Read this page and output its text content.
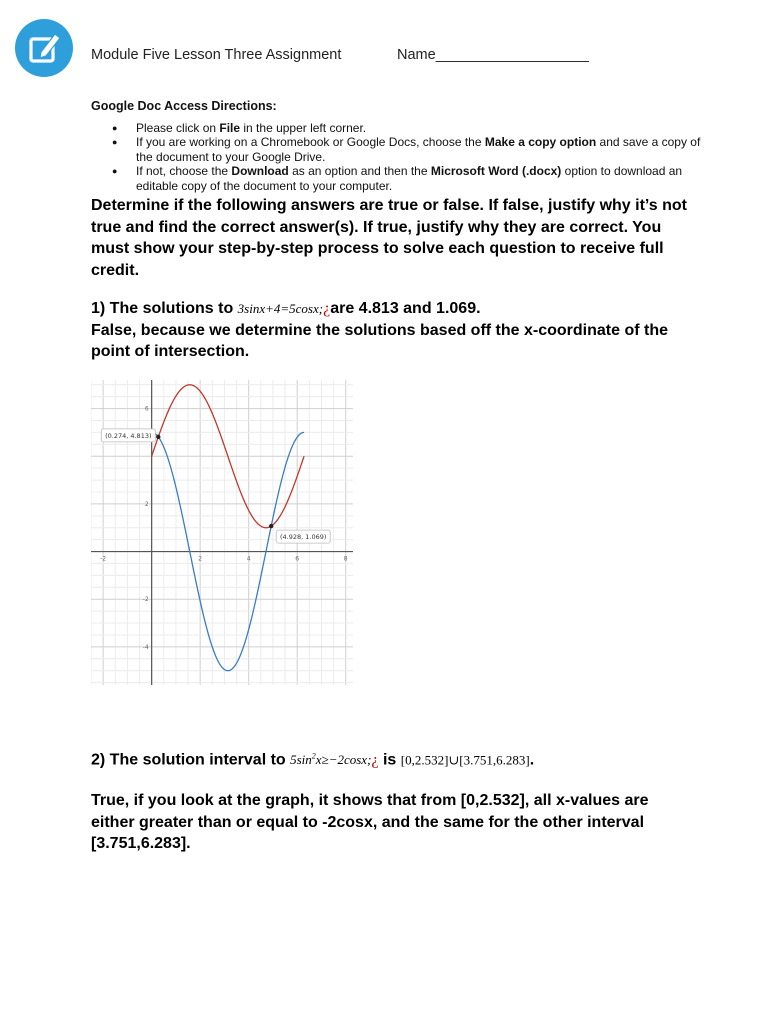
Module Five Lesson Three Assignment	Name___________________
Google Doc Access Directions:
● Please click on File in the upper left corner.
● If you are working on a Chromebook or Google Docs, choose the Make a copy option and save a copy of the document to your Google Drive.
● If not, choose the Download as an option and then the Microsoft Word (.docx) option to download an editable copy of the document to your computer.
Determine if the following answers are true or false. If false, justify why it’s not true and find the correct answer(s). If true, justify why they are correct. You must show your step-by-step process to solve each question to receive full credit.
1) The solutions to 3sinx+4=5cosx;¿are 4.813 and 1.069.
False, because we determine the solutions based off the x-coordinate of the point of intersection.
-2	2	4	6	8
-4
-2
2
6
(0.274, 4.813)
(4.928, 1.069)
2) The solution interval to $5\sin^2x\ge-2\cos x;¿$ is [0,2.532]∪[3.751,6.283].
True, if you look at the graph, it shows that from [0,2.532], all x-values are either greater than or equal to -2cosx, and the same for the other interval [3.751,6.283].
